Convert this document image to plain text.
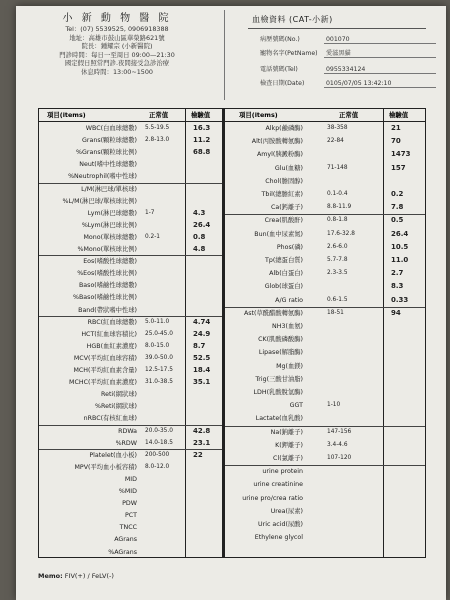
小 新 動 物 醫 院
Tel：(07) 5539525, 0906918388
地址：高雄市鼓山區華榮路621號
院長：鍾耀宗 (小新醫院)
門診時間：每日一至周日 09:00—21:30
國定假日照常門診.夜間接受急診治療
休息時間：13:00~1500
血檢資料 (CAT-小新)
病歷號碼(No.)	001070
寵物名字(PetName) 愛滋黑貓
電話號碼(Tel)	0955334124
檢查日期(Date)	0105/07/05 13:42:10
項目(items)	正常值	檢驗值	項目(items)	正常值	檢驗值
WBC(白血球總數) 5.5-19.5	16.3
Grans(顆粒球總數) 2.8-13.0	11.2
%Grans(顆粒球比例)	68.8
Neut(嗜中性球總數)
%Neutrophil(嗜中性球)
L/M(淋巴球/單核球)
%L/M(淋巴球/單核球比例)
Lym(淋巴球總數) 1-7	4.3
%Lym(淋巴球比例)	26.4
Mono(單核球總數) 0.2-1	0.8
%Mono(單核球比例)	4.8
Eos(嗜酸性球總數)
%Eos(嗜酸性球比例)
Baso(嗜鹼性球總數)
%Baso(嗜鹼性球比例)
Band(帶狀嗜中性球)
RBC(紅血球總數) 5.0-11.0	4.74
HCT(紅血球容積比) 25.0-45.0	24.9
HGB(血紅素濃度) 8.0-15.0	8.7
MCV(平均紅血球容積) 39.0-50.0	52.5
MCH(平均紅血素含量) 12.5-17.5	18.4
MCHC(平均紅血素濃度) 31.0-38.5	35.1
Reti(網狀球)
%Reti(網狀球)
nRBC(有核紅血球)
RDWa 20.0-35.0	42.8
%RDW 14.0-18.5	23.1
Platelet(血小板) 200-500	22
MPV(平均血小板容積) 8.0-12.0
MID
%MID
PDW
PCT
TNCC
AGrans
%AGrans
Alkp(鹼磷酶)	38-358	21
Alt(丙胺酸轉氨酶)	22-84	70
Amyl(胰澱粉酶)	1473
Glu(血糖)	71-148	157
Chol(膽固醇)
Tbil(總膽紅素)	0.1-0.4	0.2
Ca(鈣離子)	8.8-11.9	7.8
Crea(肌酸酐)	0.8-1.8	0.5
Bun(血中尿素氮)	17.6-32.8	26.4
Phos(磷)	2.6-6.0	10.5
Tp(總蛋白質)	5.7-7.8	11.0
Alb(白蛋白)	2.3-3.5	2.7
Glob(球蛋白)	8.3
A/G ratio	0.6-1.5	0.33
Ast(草酰醋酸轉氨酶)	18-51	94
NH3(血氨)
CK(肌酸磷酸酶)
Lipase(解脂酶)
Mg(血鎂)
Trig(三酸甘油脂)
LDH(乳酸脫氫酶)
GGT	1-10
Lactate(血乳酸)
Na(鈉離子)	147-156
K(鉀離子)	3.4-4.6
Cl(氯離子)	107-120
urine protein
urine creatinine
urine pro/crea ratio
Urea(尿素)
Uric acid(尿酸)
Ethylene glycol
Memo: FIV(+) / FeLV(-)
